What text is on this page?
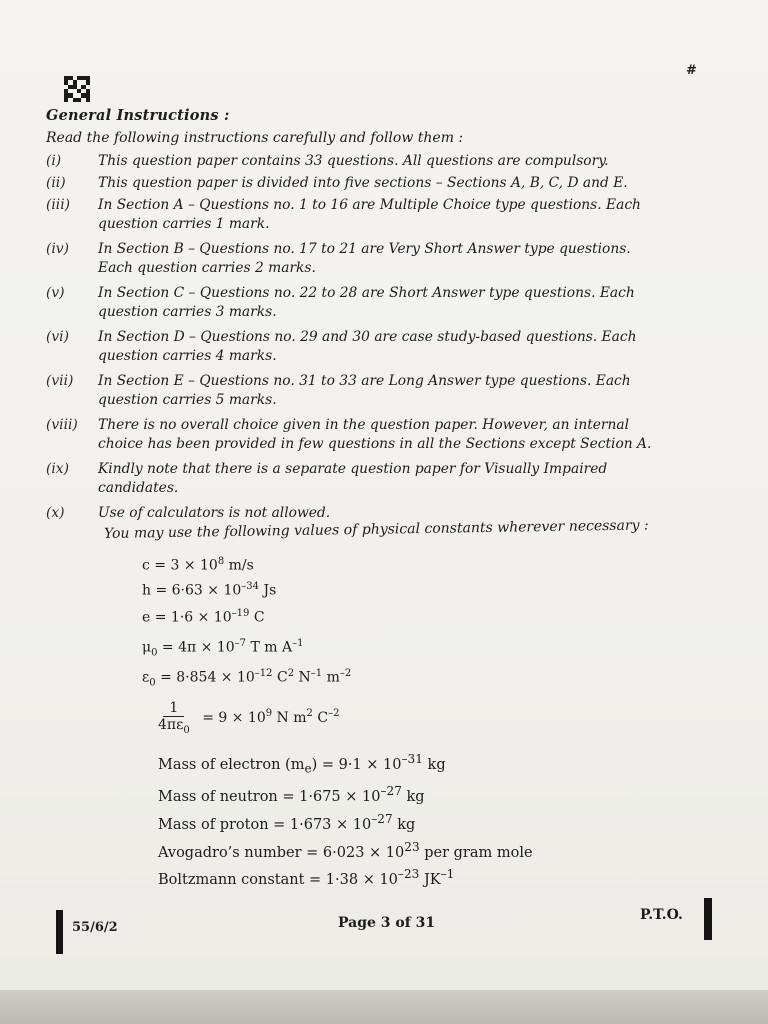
#
General Instructions :
Read the following instructions carefully and follow them :
(i)	This question paper contains 33 questions. All questions are compulsory.
(ii)	This question paper is divided into five sections – Sections A, B, C, D and E.
(iii)	In Section A – Questions no. 1 to 16 are Multiple Choice type questions. Each
question carries 1 mark.
(iv)	In Section B – Questions no. 17 to 21 are Very Short Answer type questions.
Each question carries 2 marks.
(v)	In Section C – Questions no. 22 to 28 are Short Answer type questions. Each
question carries 3 marks.
(vi)	In Section D – Questions no. 29 and 30 are case study-based questions. Each
question carries 4 marks.
(vii)	In Section E – Questions no. 31 to 33 are Long Answer type questions. Each
question carries 5 marks.
(viii)	There is no overall choice given in the question paper. However, an internal
choice has been provided in few questions in all the Sections except Section A.
(ix)	Kindly note that there is a separate question paper for Visually Impaired
candidates.
(x)	Use of calculators is not allowed.
You may use the following values of physical constants wherever necessary :
$c = 3 \times 10^8$ m/s
$h = 6\cdot 63 \times 10^{-34}$ Js
$e = 1\cdot 6 \times 10^{-19}$ C
$\mu_0 = 4\pi \times 10^{-7}$ T m $A^{-1}$
$\varepsilon_0 = 8\cdot 854 \times 10^{-12}$ $C^2$ $N^{-1}$ $m^{-2}$
$\frac{1}{4\pi\varepsilon_0} = 9 \times 10^9$ N $m^2$ $C^{-2}$
Mass of electron $(m_e) = 9\cdot 1 \times 10^{-31}$ kg
Mass of neutron = $1\cdot 675 \times 10^{-27}$ kg
Mass of proton = $1\cdot 673 \times 10^{-27}$ kg
Avogadro’s number = $6\cdot 023 \times 10^{23}$ per gram mole
Boltzmann constant = $1\cdot 38 \times 10^{-23}$ $JK^{-1}$
55/6/2	Page 3 of 31	P.T.O.
